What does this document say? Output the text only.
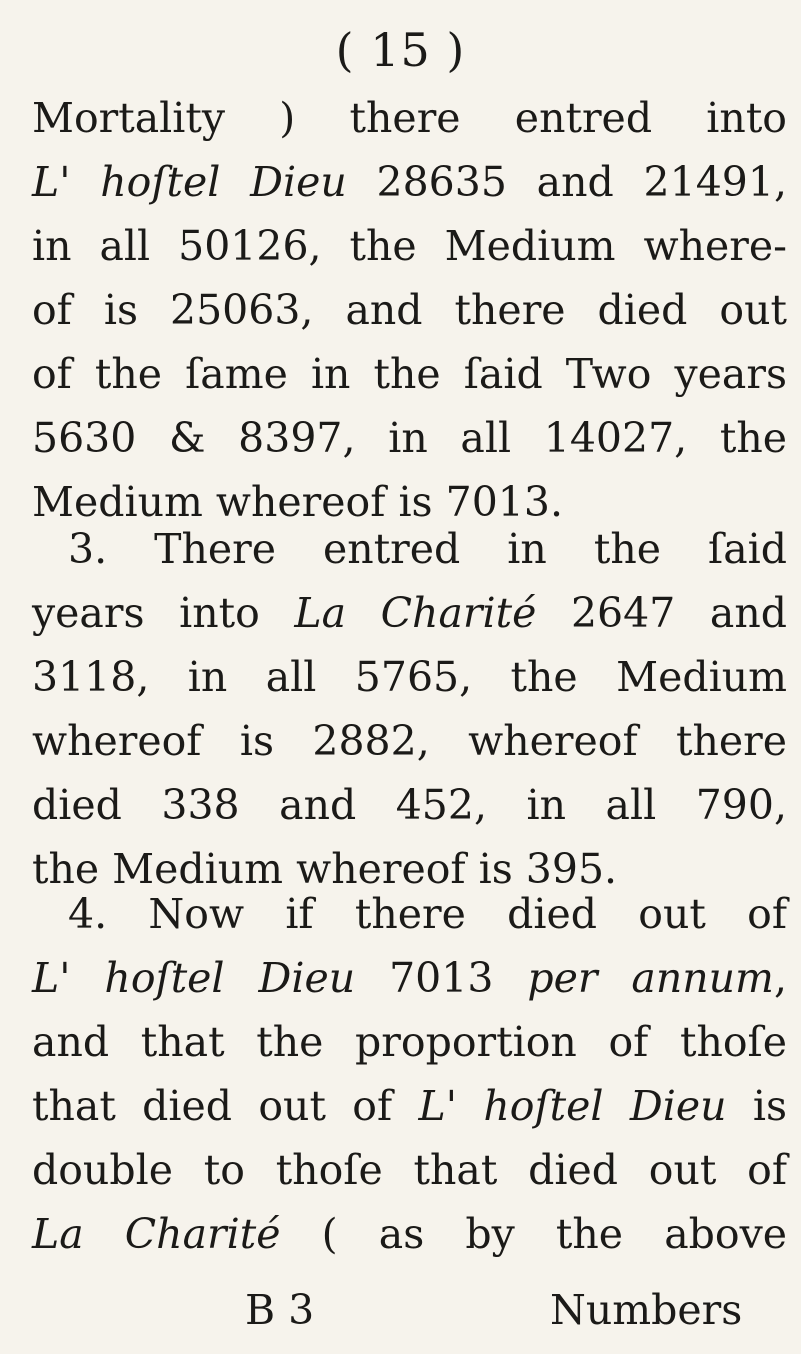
( 15 )
Mortality ) there entred into
L' hoſtel Dieu 28635 and 21491,
in all 50126, the Medium where-
of is 25063, and there died out
of the ſame in the ſaid Two years
5630 & 8397, in all 14027, the
Medium whereof is 7013.
3. There entred in the ſaid
years into La Charité 2647 and
3118, in all 5765, the Medium
whereof is 2882, whereof there
died 338 and 452, in all 790,
the Medium whereof is 395.
4. Now if there died out of
L' hoſtel Dieu 7013 per annum,
and that the proportion of thoſe
that died out of L' hoſtel Dieu is
double to thoſe that died out of
La Charité ( as by the above
B 3	Numbers
